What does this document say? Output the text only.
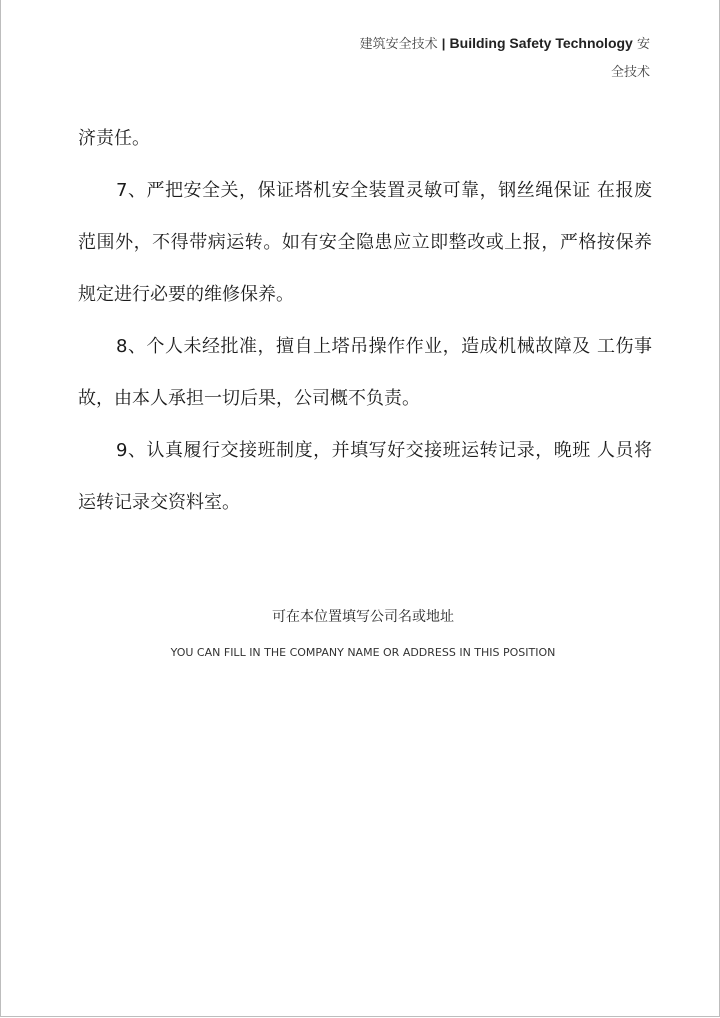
建筑安全技术 | Building Safety Technology 安全技术

济责任。

7、严把安全关，保证塔机安全装置灵敏可靠，钢丝绳保证 在报废范围外，不得带病运转。如有安全隐患应立即整改或上报，严格按保养规定进行必要的维修保养。

8、个人未经批准，擅自上塔吊操作作业，造成机械故障及 工伤事故，由本人承担一切后果，公司概不负责。

9、认真履行交接班制度，并填写好交接班运转记录，晚班 人员将运转记录交资料室。

可在本位置填写公司名或地址
YOU CAN FILL IN THE COMPANY NAME OR ADDRESS IN THIS POSITION
